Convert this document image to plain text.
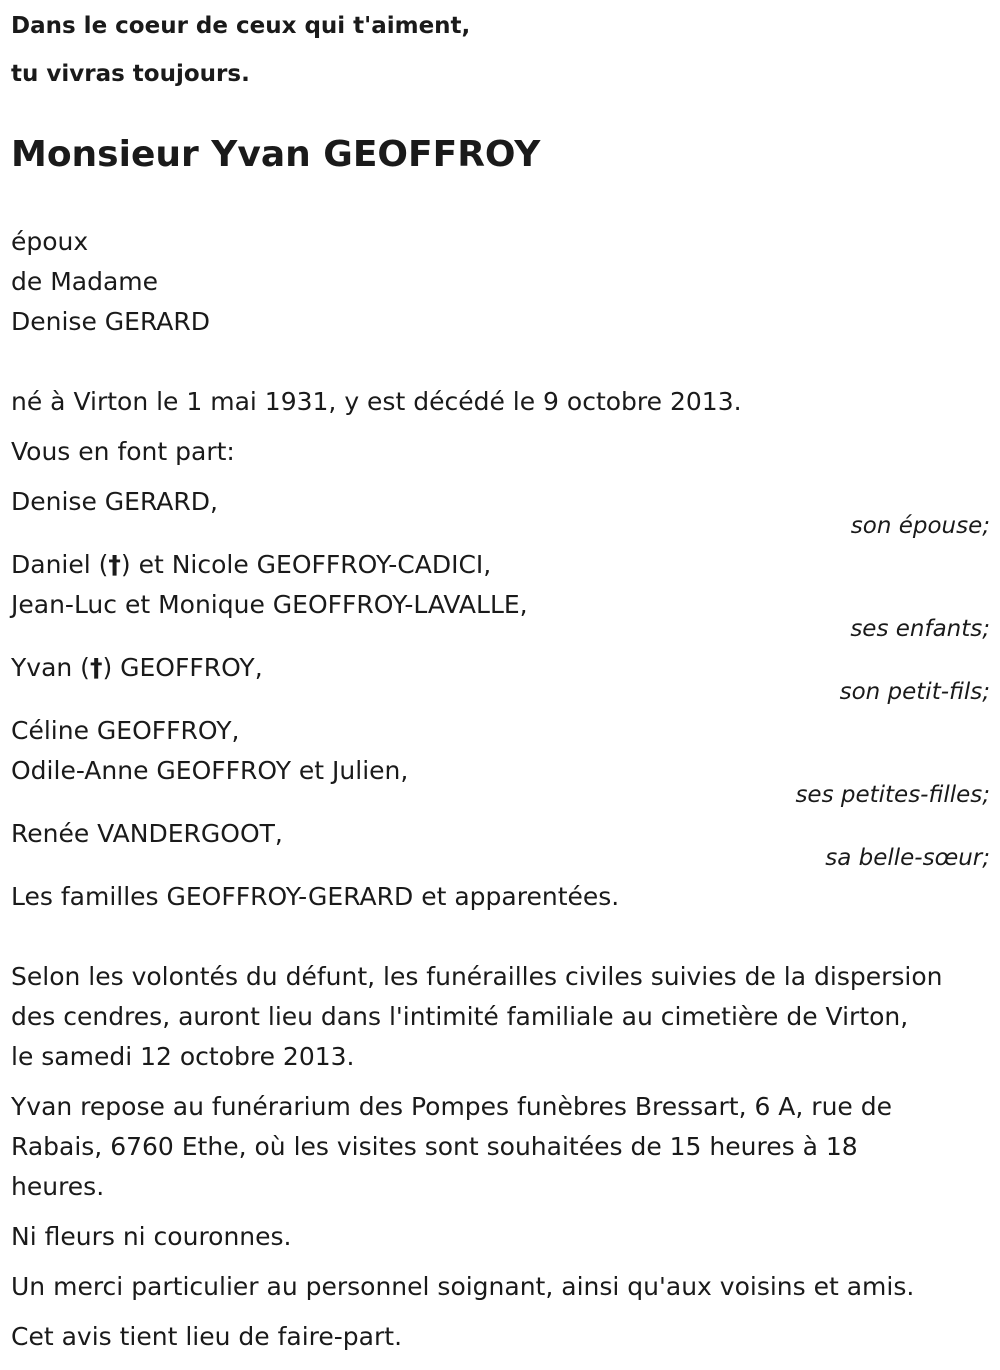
Dans le coeur de ceux qui t'aiment,
tu vivras toujours.
Monsieur Yvan GEOFFROY
époux
de Madame
Denise GERARD
né à Virton le 1 mai 1931, y est décédé le 9 octobre 2013.
Vous en font part:
Denise GERARD,
son épouse;
Daniel (†) et Nicole GEOFFROY-CADICI,
Jean-Luc et Monique GEOFFROY-LAVALLE,
ses enfants;
Yvan (†) GEOFFROY,
son petit-fils;
Céline GEOFFROY,
Odile-Anne GEOFFROY et Julien,
ses petites-filles;
Renée VANDERGOOT,
sa belle-sœur;
Les familles GEOFFROY-GERARD et apparentées.
Selon les volontés du défunt, les funérailles civiles suivies de la dispersion
des cendres, auront lieu dans l'intimité familiale au cimetière de Virton,
le samedi 12 octobre 2013.
Yvan repose au funérarium des Pompes funèbres Bressart, 6 A, rue de
Rabais, 6760 Ethe, où les visites sont souhaitées de 15 heures à 18
heures.
Ni fleurs ni couronnes.
Un merci particulier au personnel soignant, ainsi qu'aux voisins et amis.
Cet avis tient lieu de faire-part.
